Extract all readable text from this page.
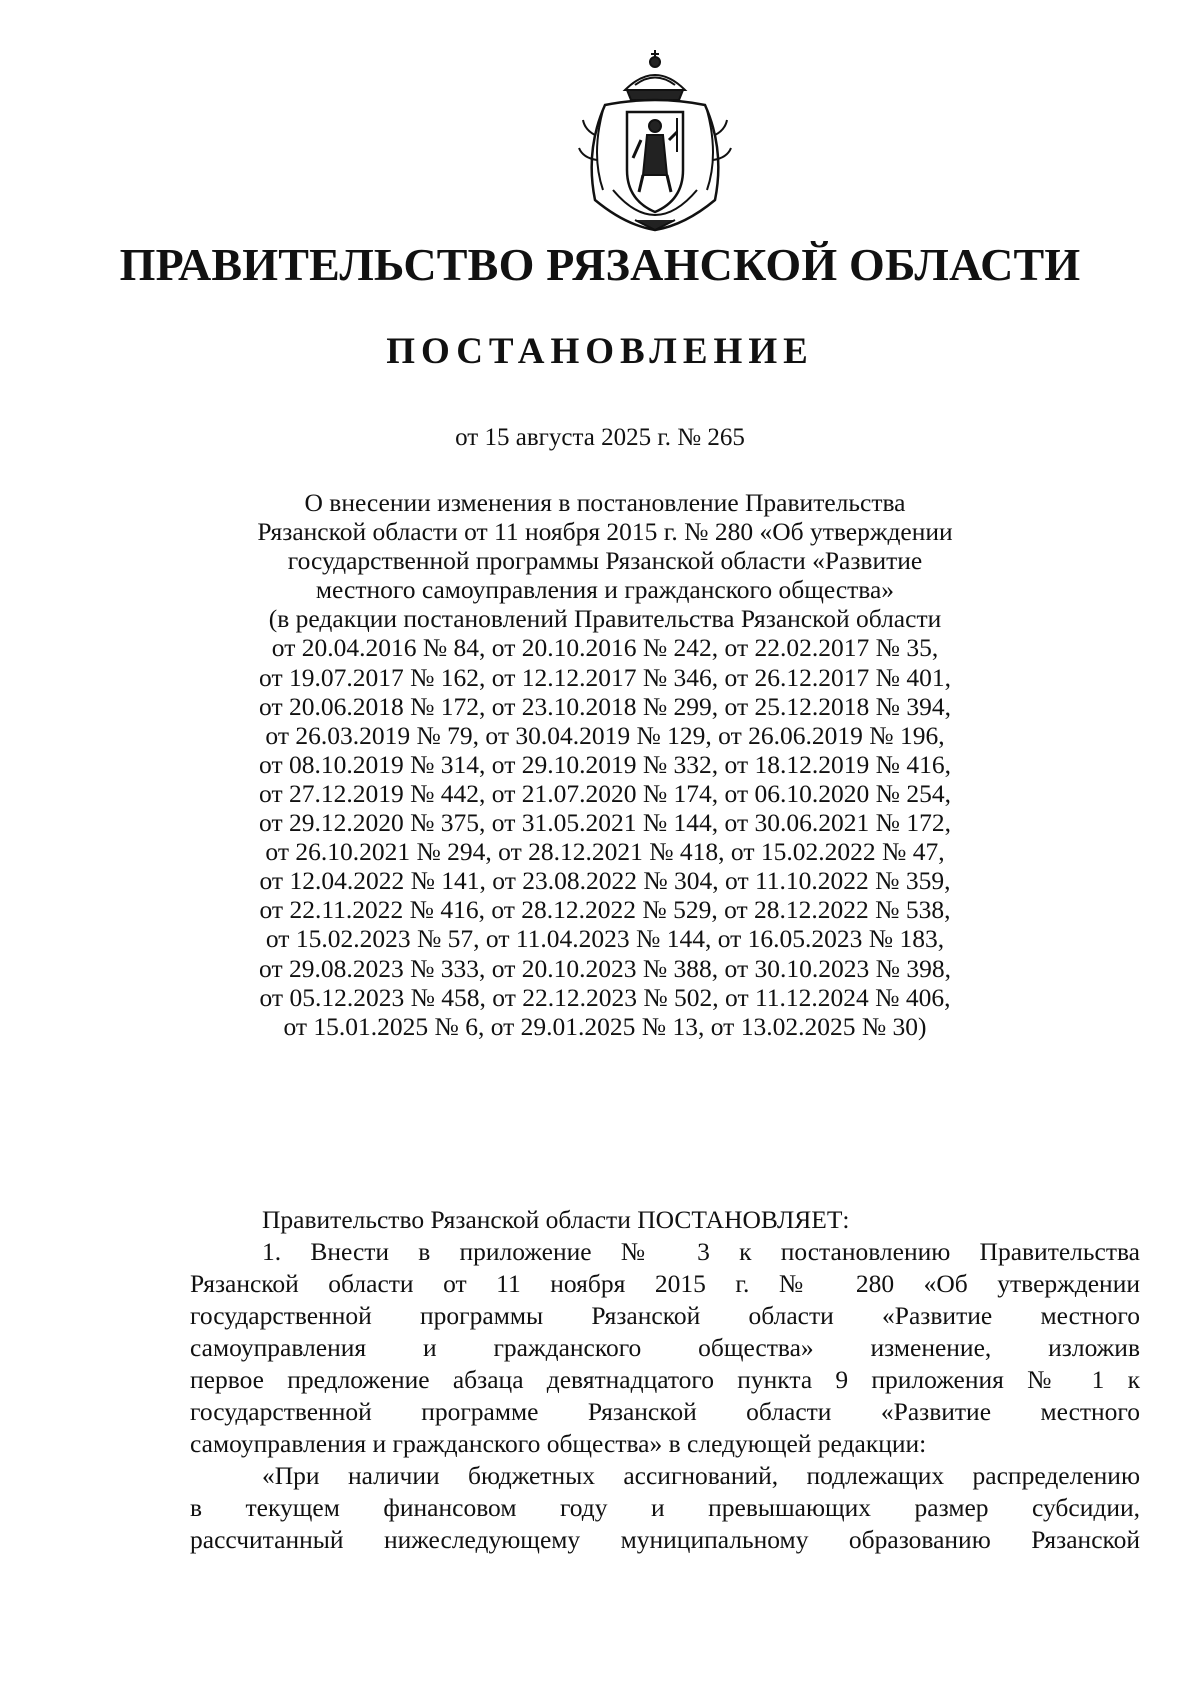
ПРАВИТЕЛЬСТВО РЯЗАНСКОЙ ОБЛАСТИ
ПОСТАНОВЛЕНИЕ
от 15 августа 2025 г. № 265
О внесении изменения в постановление Правительства
Рязанской области от 11 ноября 2015 г. № 280 «Об утверждении
государственной программы Рязанской области «Развитие
местного самоуправления и гражданского общества»
(в редакции постановлений Правительства Рязанской области
от 20.04.2016 № 84, от 20.10.2016 № 242, от 22.02.2017 № 35,
от 19.07.2017 № 162, от 12.12.2017 № 346, от 26.12.2017 № 401,
от 20.06.2018 № 172, от 23.10.2018 № 299, от 25.12.2018 № 394,
от 26.03.2019 № 79, от 30.04.2019 № 129, от 26.06.2019 № 196,
от 08.10.2019 № 314, от 29.10.2019 № 332, от 18.12.2019 № 416,
от 27.12.2019 № 442, от 21.07.2020 № 174, от 06.10.2020 № 254,
от 29.12.2020 № 375, от 31.05.2021 № 144, от 30.06.2021 № 172,
от 26.10.2021 № 294, от 28.12.2021 № 418, от 15.02.2022 № 47,
от 12.04.2022 № 141, от 23.08.2022 № 304, от 11.10.2022 № 359,
от 22.11.2022 № 416, от 28.12.2022 № 529, от 28.12.2022 № 538,
от 15.02.2023 № 57, от 11.04.2023 № 144, от 16.05.2023 № 183,
от 29.08.2023 № 333, от 20.10.2023 № 388, от 30.10.2023 № 398,
от 05.12.2023 № 458, от 22.12.2023 № 502, от 11.12.2024 № 406,
от 15.01.2025 № 6, от 29.01.2025 № 13, от 13.02.2025 № 30)

Правительство Рязанской области ПОСТАНОВЛЯЕТ:

1. Внести в приложение № 3 к постановлению Правительства
Рязанской области от 11 ноября 2015 г. № 280 «Об утверждении
государственной программы Рязанской области «Развитие местного
самоуправления и гражданского общества» изменение, изложив
первое предложение абзаца девятнадцатого пункта 9 приложения № 1 к
государственной программе Рязанской области «Развитие местного
самоуправления и гражданского общества» в следующей редакции:
«При наличии бюджетных ассигнований, подлежащих распределению
в текущем финансовом году и превышающих размер субсидии,
рассчитанный нижеследующему муниципальному образованию Рязанской
